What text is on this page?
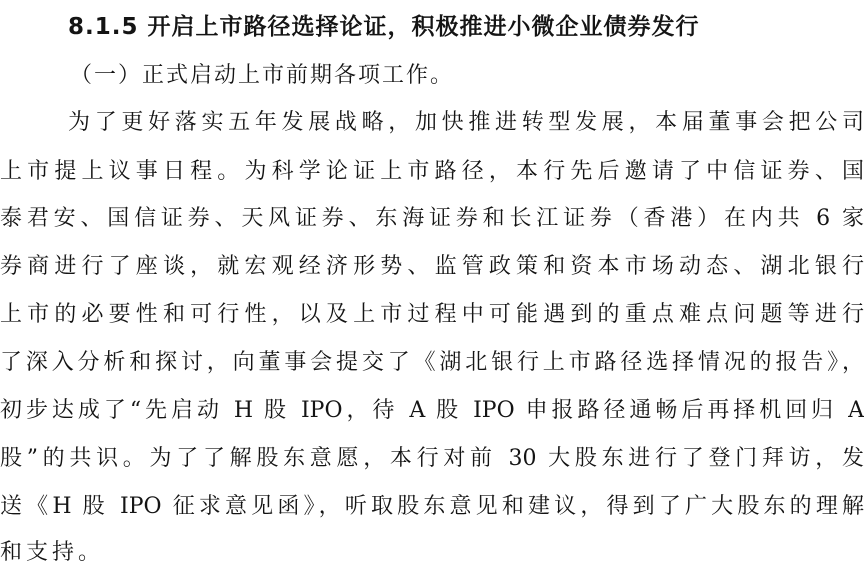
8.1.5 开启上市路径选择论证，积极推进小微企业债券发行
（一）正式启动上市前期各项工作。
为了更好落实五年发展战略，加快推进转型发展，本届董事会把公司
上市提上议事日程。为科学论证上市路径，本行先后邀请了中信证券、国
泰君安、国信证券、天风证券、东海证券和长江证券（香港）在内共 6 家
券商进行了座谈，就宏观经济形势、监管政策和资本市场动态、湖北银行
上市的必要性和可行性，以及上市过程中可能遇到的重点难点问题等进行
了深入分析和探讨，向董事会提交了《湖北银行上市路径选择情况的报告》，
初步达成了“先启动 H 股 IPO，待 A 股 IPO 申报路径通畅后再择机回归 A
股”的共识。为了了解股东意愿，本行对前 30 大股东进行了登门拜访，发
送《H 股 IPO 征求意见函》，听取股东意见和建议，得到了广大股东的理解
和支持。
